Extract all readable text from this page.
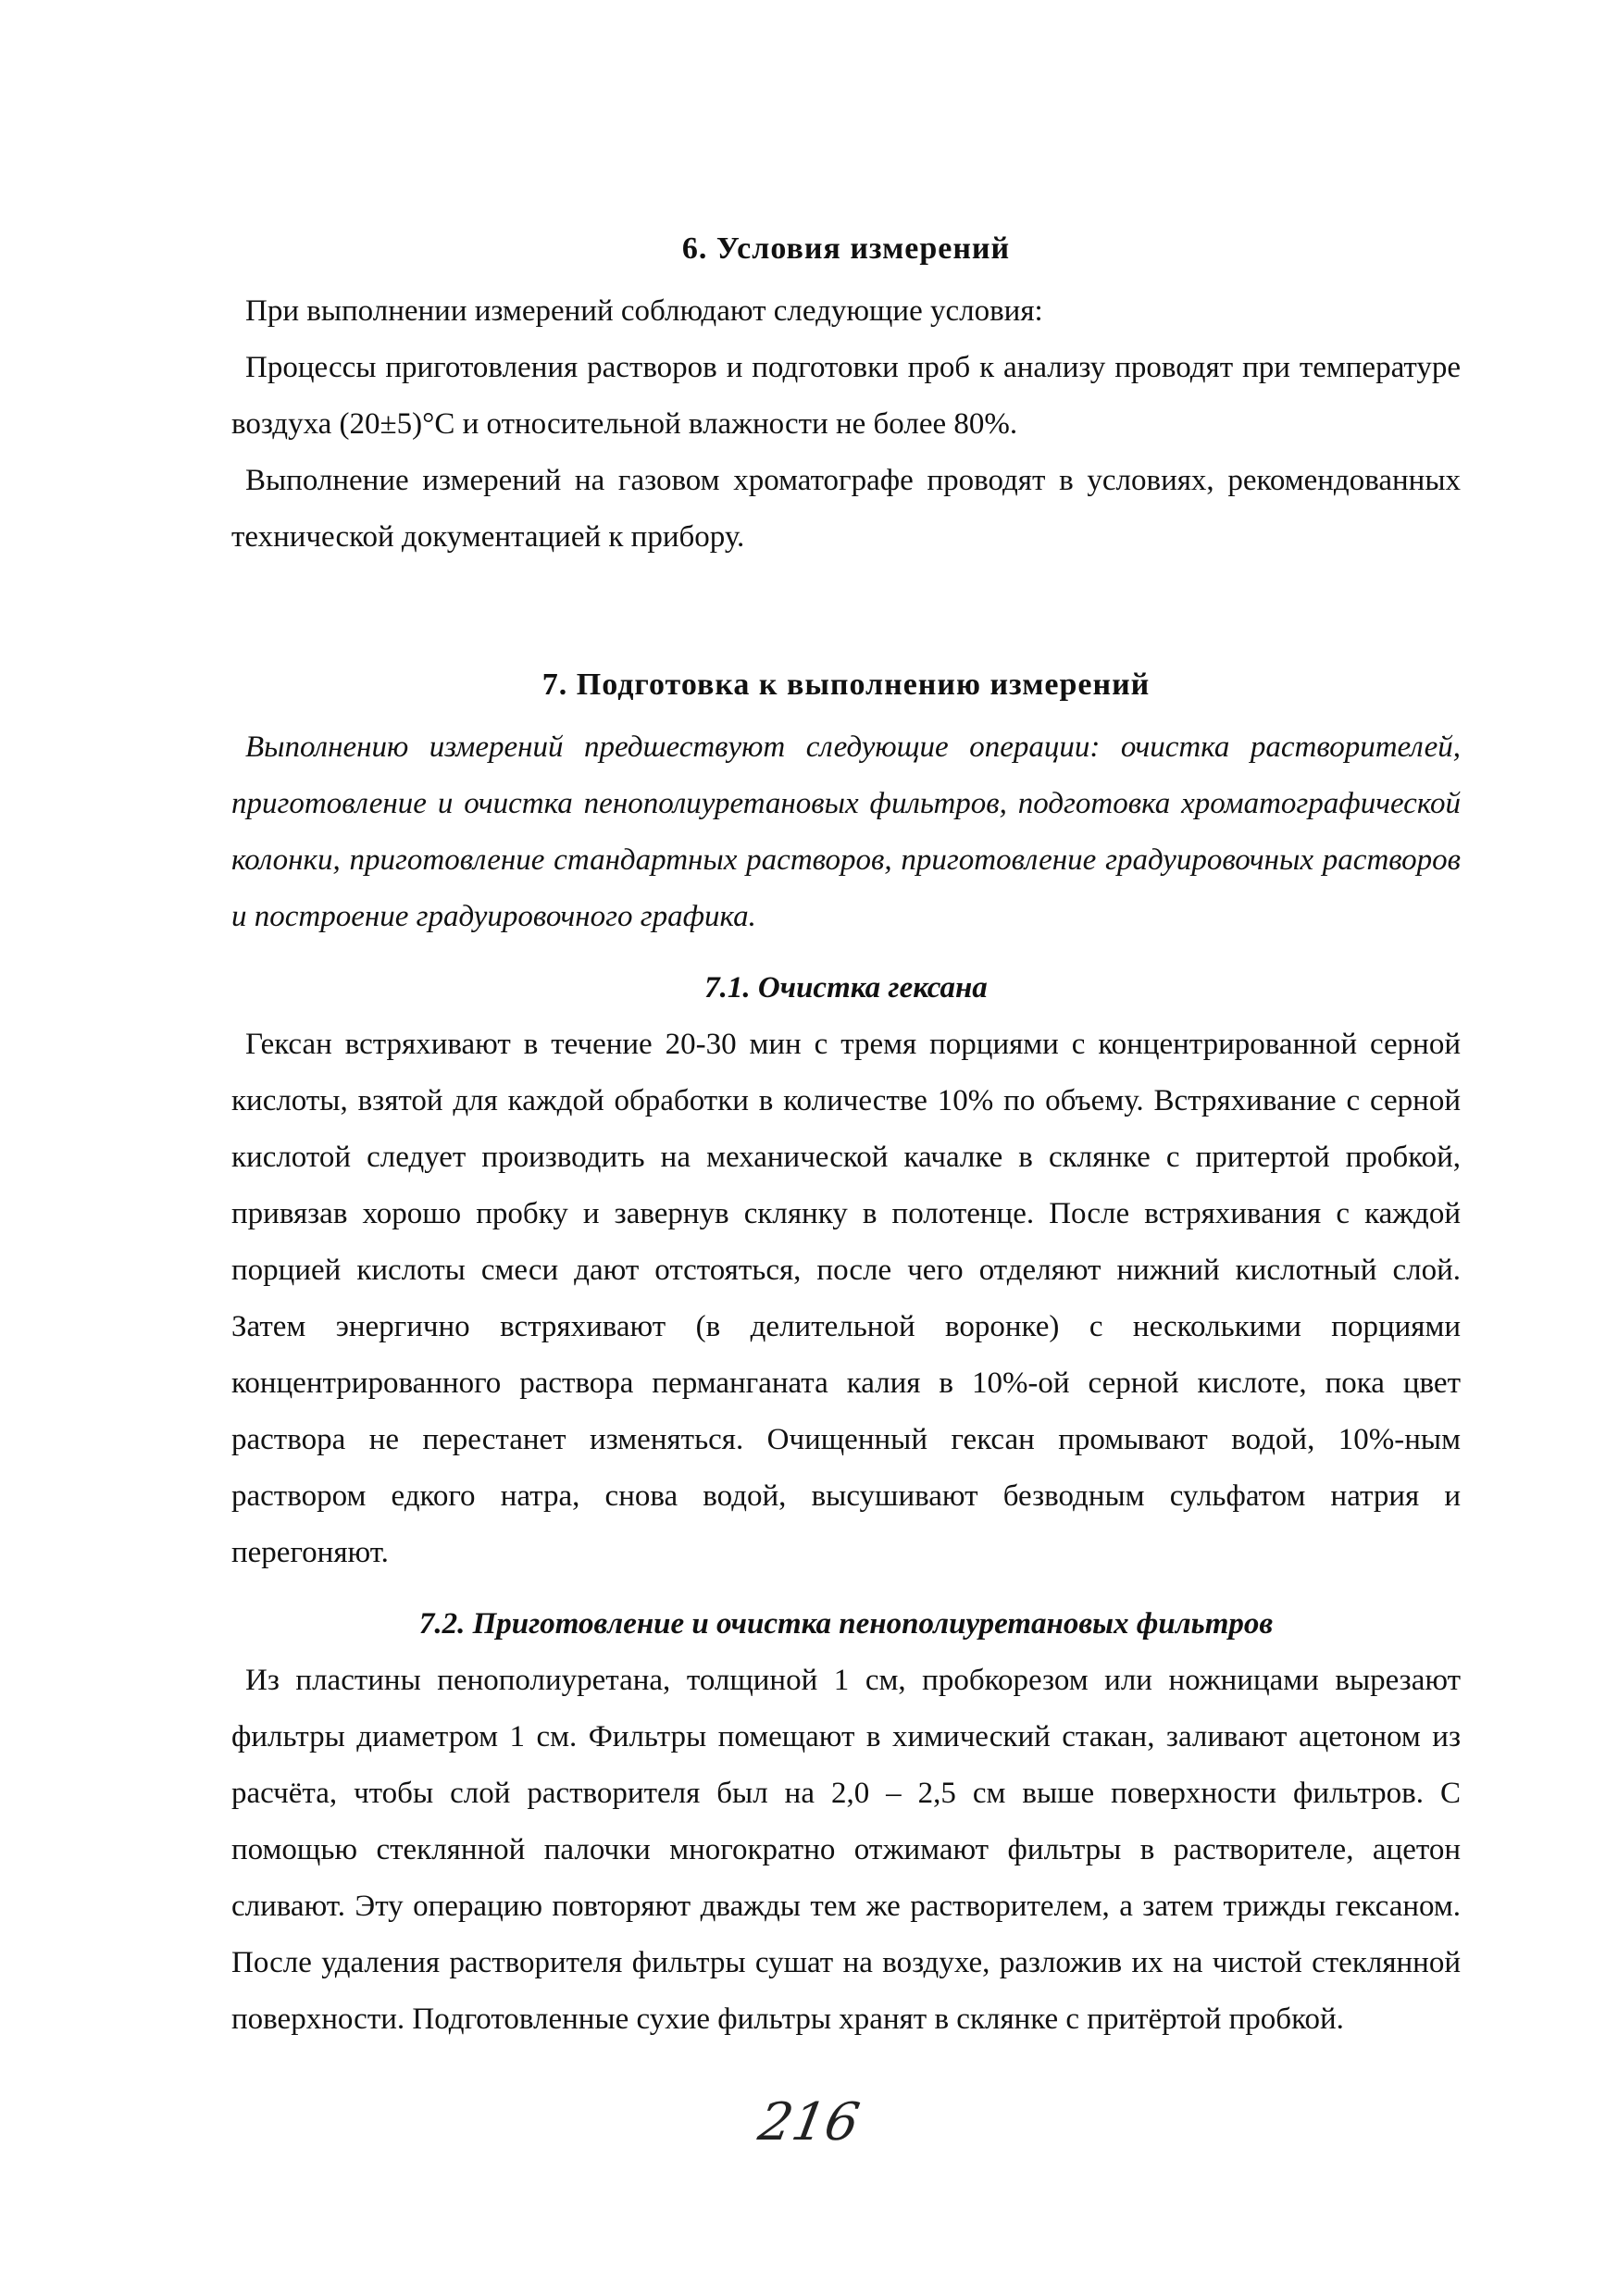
6. Условия измерений

При выполнении измерений соблюдают следующие условия:

Процессы приготовления растворов и подготовки проб к анализу проводят при температуре воздуха (20±5)°С и относительной влажности не более 80%.

Выполнение измерений на газовом хроматографе проводят в условиях, рекомендованных технической документацией к прибору.

7. Подготовка к выполнению измерений

Выполнению измерений предшествуют следующие операции: очистка растворителей, приготовление и очистка пенополиуретановых фильтров, подготовка хроматографической колонки, приготовление стандартных растворов, приготовление градуировочных растворов и построение градуировочного графика.

7.1. Очистка гексана

Гексан встряхивают в течение 20-30 мин с тремя порциями с концентрированной серной кислоты, взятой для каждой обработки в количестве 10% по объему. Встряхивание с серной кислотой следует производить на механической качалке в склянке с притертой пробкой, привязав хорошо пробку и завернув склянку в полотенце. После встряхивания с каждой порцией кислоты смеси дают отстояться, после чего отделяют нижний кислотный слой. Затем энергично встряхивают (в делительной воронке) с несколькими порциями концентрированного раствора перманганата калия в 10%-ой серной кислоте, пока цвет раствора не перестанет изменяться. Очищенный гексан промывают водой, 10%-ным раствором едкого натра, снова водой, высушивают безводным сульфатом натрия и перегоняют.

7.2. Приготовление и очистка пенополиуретановых фильтров

Из пластины пенополиуретана, толщиной 1 см, пробкорезом или ножницами вырезают фильтры диаметром 1 см. Фильтры помещают в химический стакан, заливают ацетоном из расчёта, чтобы слой растворителя был на 2,0 – 2,5 см выше поверхности фильтров. С помощью стеклянной палочки многократно отжимают фильтры в растворителе, ацетон сливают. Эту операцию повторяют дважды тем же растворителем, а затем трижды гексаном. После удаления растворителя фильтры сушат на воздухе, разложив их на чистой стеклянной поверхности. Подготовленные сухие фильтры хранят в склянке с притёртой пробкой.

216
